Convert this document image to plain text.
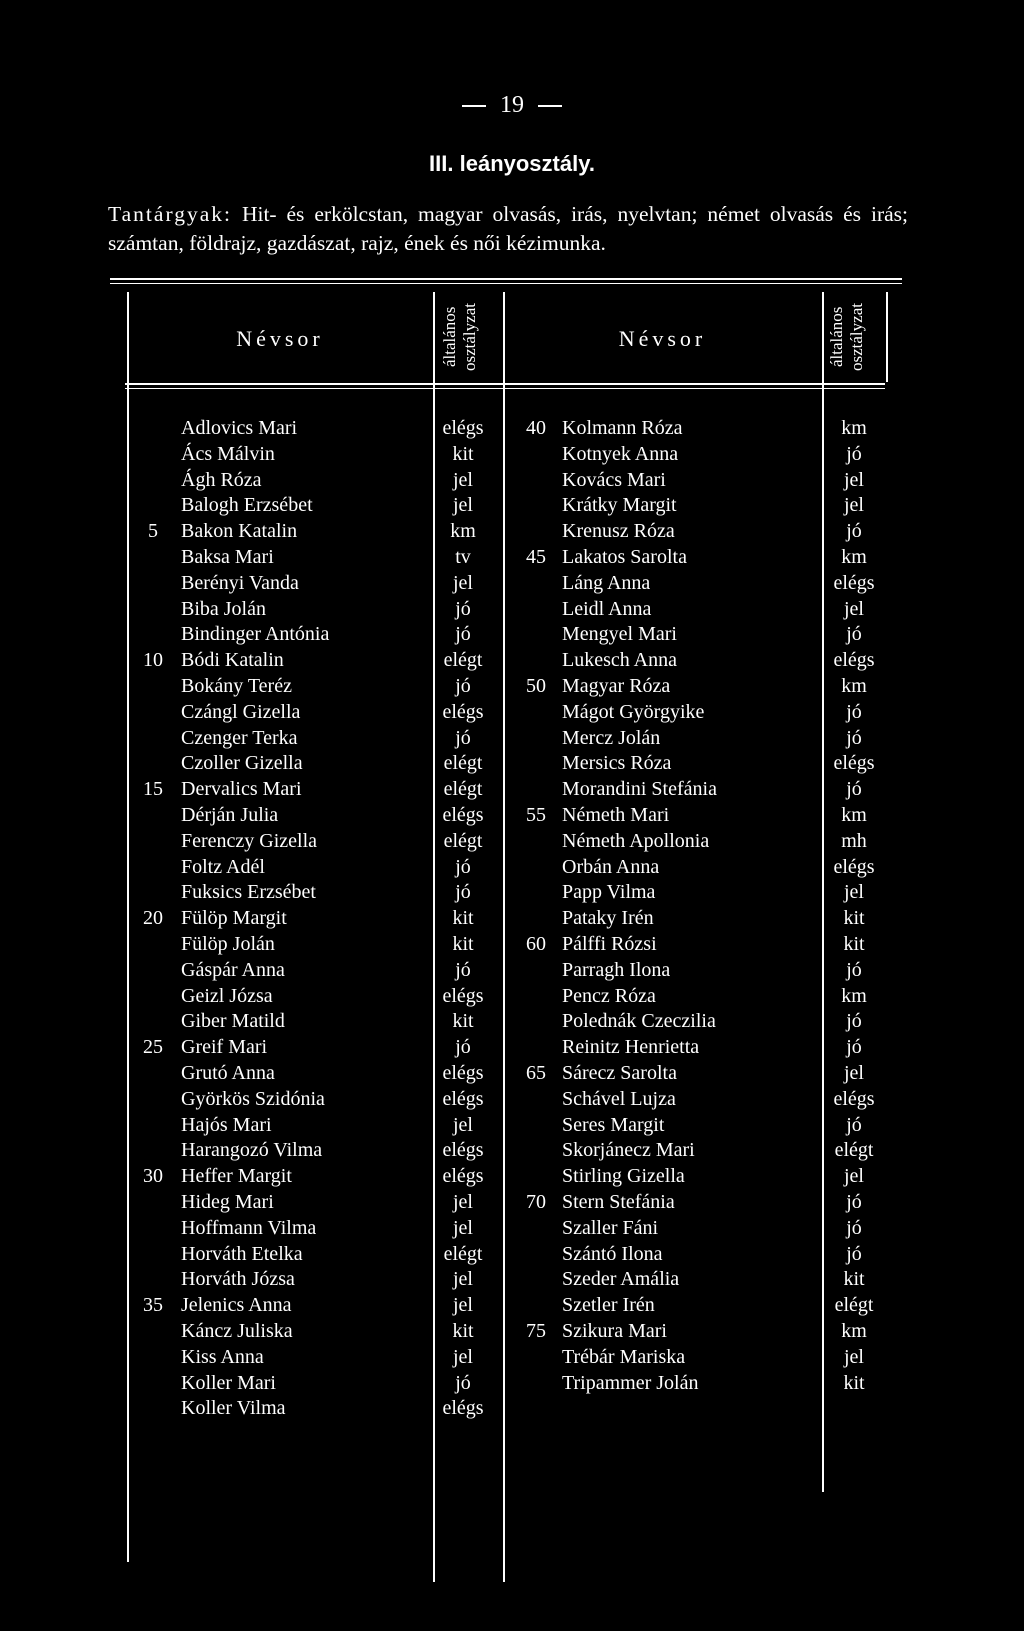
19
III. leányosztály.
Tantárgyak: Hit- és erkölcstan, magyar olvasás, irás, nyelvtan; német olvasás és irás; számtan, földrajz, gazdászat, rajz, ének és női kézimunka.
Névsor	általános
osztályzat	Névsor	általános
osztályzat
Adlovics Mari	elégs	40 Kolmann Róza	km
Ács Málvin	kit	Kotnyek Anna	jó
Ágh Róza	jel	Kovács Mari	jel
Balogh Erzsébet	jel	Krátky Margit	jel
5	Bakon Katalin	km	Krenusz Róza	jó
Baksa Mari	tv	45 Lakatos Sarolta	km
Berényi Vanda	jel	Láng Anna	elégs
Biba Jolán	jó	Leidl Anna	jel
Bindinger Antónia	jó	Mengyel Mari	jó
10 Bódi Katalin	elégt	Lukesch Anna	elégs
Bokány Teréz	jó	50 Magyar Róza	km
Czángl Gizella	elégs	Mágot Györgyike	jó
Czenger Terka	jó	Mercz Jolán	jó
Czoller Gizella	elégt	Mersics Róza	elégs
15 Dervalics Mari	elégt	Morandini Stefánia	jó
Dérján Julia	elégs	55 Németh Mari	km
Ferenczy Gizella	elégt	Németh Apollonia	mh
Foltz Adél	jó	Orbán Anna	elégs
Fuksics Erzsébet	jó	Papp Vilma	jel
20 Fülöp Margit	kit	Pataky Irén	kit
Fülöp Jolán	kit	60 Pálffi Rózsi	kit
Gáspár Anna	jó	Parragh Ilona	jó
Geizl Józsa	elégs	Pencz Róza	km
Giber Matild	kit	Polednák Czeczilia	jó
25 Greif Mari	jó	Reinitz Henrietta	jó
Grutó Anna	elégs	65 Sárecz Sarolta	jel
Györkös Szidónia	elégs	Schável Lujza	elégs
Hajós Mari	jel	Seres Margit	jó
Harangozó Vilma	elégs	Skorjánecz Mari	elégt
30 Heffer Margit	elégs	Stirling Gizella	jel
Hideg Mari	jel	70 Stern Stefánia	jó
Hoffmann Vilma	jel	Szaller Fáni	jó
Horváth Etelka	elégt	Szántó Ilona	jó
Horváth Józsa	jel	Szeder Amália	kit
35 Jelenics Anna	jel	Szetler Irén	elégt
Káncz Juliska	kit	75 Szikura Mari	km
Kiss Anna	jel	Trébár Mariska	jel
Koller Mari	jó	Tripammer Jolán	kit
Koller Vilma	elégs
